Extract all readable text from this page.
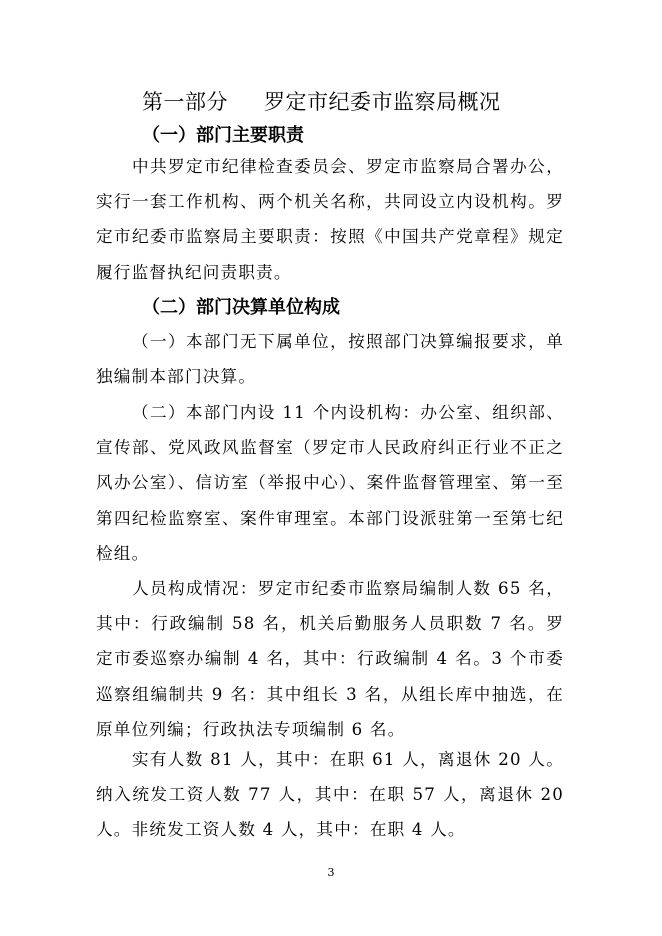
第一部分 罗定市纪委市监察局概况
（一）部门主要职责

中共罗定市纪律检查委员会、罗定市监察局合署办公，实行一套工作机构、两个机关名称，共同设立内设机构。罗定市纪委市监察局主要职责：按照《中国共产党章程》规定履行监督执纪问责职责。

（二）部门决算单位构成

（一）本部门无下属单位，按照部门决算编报要求，单独编制本部门决算。

（二）本部门内设 11 个内设机构：办公室、组织部、宣传部、党风政风监督室（罗定市人民政府纠正行业不正之风办公室）、信访室（举报中心）、案件监督管理室、第一至第四纪检监察室、案件审理室。本部门设派驻第一至第七纪检组。

人员构成情况：罗定市纪委市监察局编制人数 65 名，其中：行政编制 58 名，机关后勤服务人员职数 7 名。罗定市委巡察办编制 4 名，其中：行政编制 4 名。3 个市委巡察组编制共 9 名：其中组长 3 名，从组长库中抽选，在原单位列编；行政执法专项编制 6 名。

实有人数 81 人，其中：在职 61 人，离退休 20 人。纳入统发工资人数 77 人，其中：在职 57 人，离退休 20 人。非统发工资人数 4 人，其中：在职 4 人。

3
